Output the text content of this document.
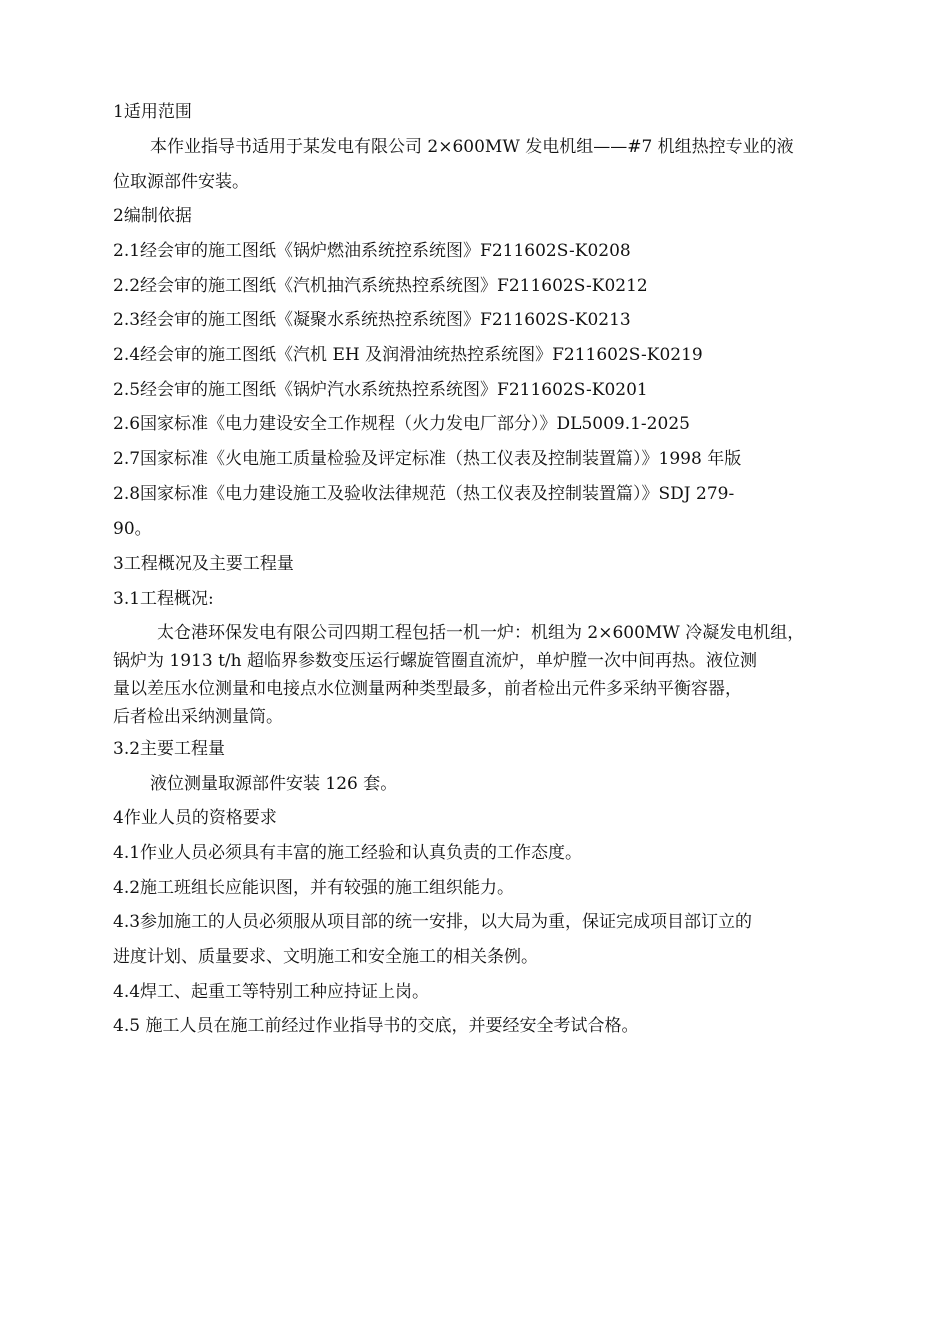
1适用范围
本作业指导书适用于某发电有限公司 2×600MW 发电机组——#7 机组热控专业的液
位取源部件安装。
2编制依据
2.1经会审的施工图纸《锅炉燃油系统控系统图》F211602S-K0208
2.2经会审的施工图纸《汽机抽汽系统热控系统图》F211602S-K0212
2.3经会审的施工图纸《凝聚水系统热控系统图》F211602S-K0213
2.4经会审的施工图纸《汽机 EH 及润滑油统热控系统图》F211602S-K0219
2.5经会审的施工图纸《锅炉汽水系统热控系统图》F211602S-K0201
2.6国家标准《电力建设安全工作规程（火力发电厂部分）》DL5009.1-2025
2.7国家标准《火电施工质量检验及评定标准（热工仪表及控制装置篇）》1998 年版
2.8国家标准《电力建设施工及验收法律规范（热工仪表及控制装置篇）》SDJ 279-
90。
3工程概况及主要工程量
3.1工程概况:
太仓港环保发电有限公司四期工程包括一机一炉：机组为 2×600MW 冷凝发电机组，
锅炉为 1913 t/h 超临界参数变压运行螺旋管圈直流炉，单炉膛一次中间再热。液位测
量以差压水位测量和电接点水位测量两种类型最多，前者检出元件多采纳平衡容器，
后者检出采纳测量筒。
3.2主要工程量
液位测量取源部件安装 126 套。
4作业人员的资格要求
4.1作业人员必须具有丰富的施工经验和认真负责的工作态度。
4.2施工班组长应能识图，并有较强的施工组织能力。
4.3参加施工的人员必须服从项目部的统一安排，以大局为重，保证完成项目部订立的
进度计划、质量要求、文明施工和安全施工的相关条例。
4.4焊工、起重工等特别工种应持证上岗。
4.5 施工人员在施工前经过作业指导书的交底，并要经安全考试合格。
